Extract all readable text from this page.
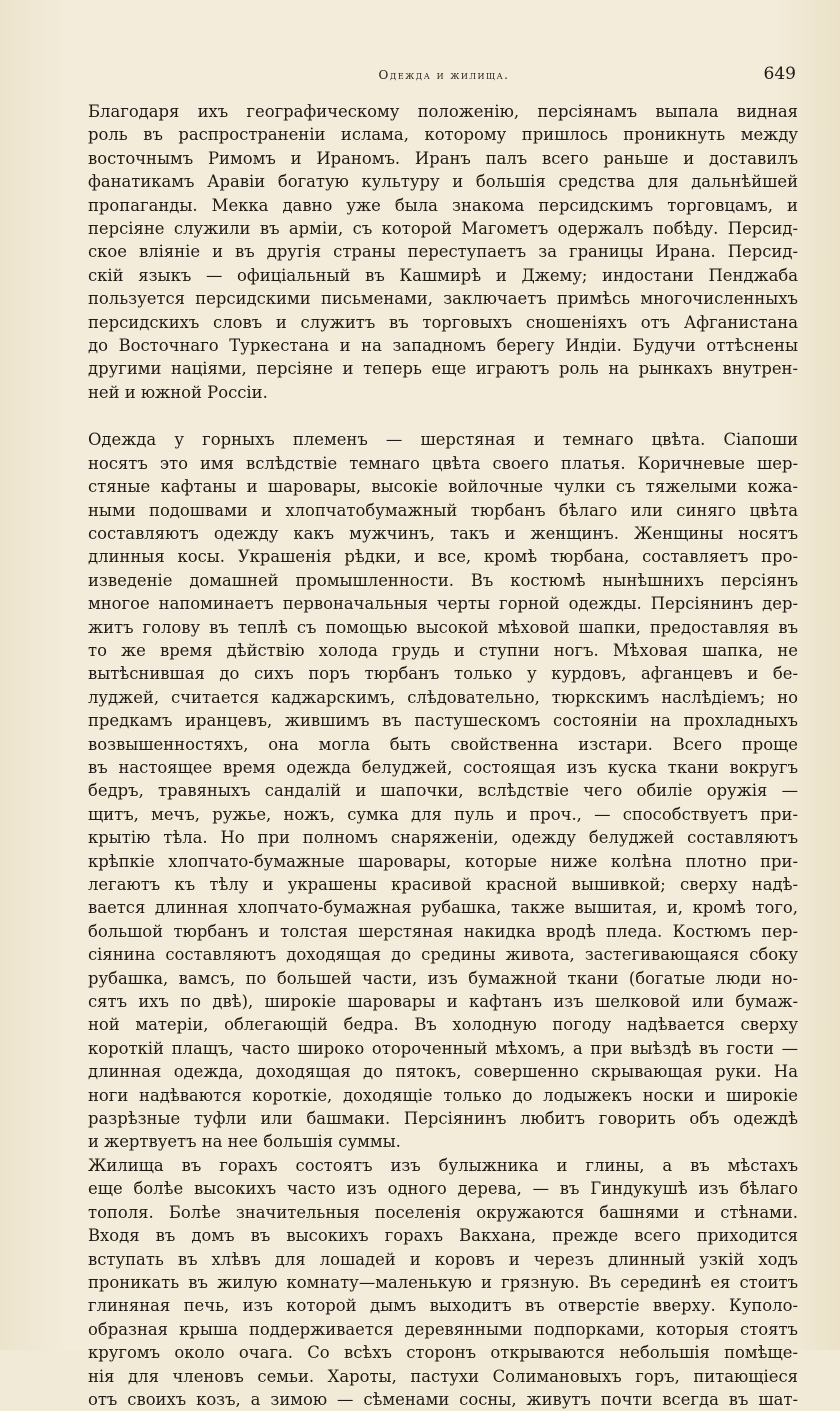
Одежда и жилища.	649

Благодаря ихъ географическому положенію, персіянамъ выпала видная
роль въ распространеніи ислама, которому пришлось проникнуть между
восточнымъ Римомъ и Ираномъ. Иранъ палъ всего раньше и доставилъ
фанатикамъ Аравіи богатую культуру и большія средства для дальнѣйшей
пропаганды. Мекка давно уже была знакома персидскимъ торговцамъ, и
персіяне служили въ арміи, съ которой Магометъ одержалъ побѣду. Персид-
ское вліяніе и въ другія страны переступаетъ за границы Ирана. Персид-
скій языкъ — офиціальный въ Кашмирѣ и Джему; индостани Пенджаба
пользуется персидскими письменами, заключаетъ примѣсь многочисленныхъ
персидскихъ словъ и служитъ въ торговыхъ сношеніяхъ отъ Афганистана
до Восточнаго Туркестана и на западномъ берегу Индіи. Будучи оттѣснены
другими націями, персіяне и теперь еще играютъ роль на рынкахъ внутрен-
ней и южной Россіи.

Одежда у горныхъ племенъ — шерстяная и темнаго цвѣта. Сіапоши
носятъ это имя вслѣдствіе темнаго цвѣта своего платья. Коричневые шер-
стяные кафтаны и шаровары, высокіе войлочные чулки съ тяжелыми кожа-
ными подошвами и хлопчатобумажный тюрбанъ бѣлаго или синяго цвѣта
составляютъ одежду какъ мужчинъ, такъ и женщинъ. Женщины носятъ
длинныя косы. Украшенія рѣдки, и все, кромѣ тюрбана, составляетъ про-
изведеніе домашней промышленности. Въ костюмѣ нынѣшнихъ персіянъ
многое напоминаетъ первоначальныя черты горной одежды. Персіянинъ дер-
житъ голову въ теплѣ съ помощью высокой мѣховой шапки, предоставляя въ
то же время дѣйствію холода грудь и ступни ногъ. Мѣховая шапка, не
вытѣснившая до сихъ поръ тюрбанъ только у курдовъ, афганцевъ и бе-
луджей, считается каджарскимъ, слѣдовательно, тюркскимъ наслѣдіемъ; но
предкамъ иранцевъ, жившимъ въ пастушескомъ состояніи на прохладныхъ
возвышенностяхъ, она могла быть свойственна изстари. Всего проще
въ настоящее время одежда белуджей, состоящая изъ куска ткани вокругъ
бедръ, травяныхъ сандалій и шапочки, вслѣдствіе чего обиліе оружія —
щитъ, мечъ, ружье, ножъ, сумка для пуль и проч., — способствуетъ при-
крытію тѣла. Но при полномъ снаряженіи, одежду белуджей составляютъ
крѣпкіе хлопчато-бумажные шаровары, которые ниже колѣна плотно при-
легаютъ къ тѣлу и украшены красивой красной вышивкой; сверху надѣ-
вается длинная хлопчато-бумажная рубашка, также вышитая, и, кромѣ того,
большой тюрбанъ и толстая шерстяная накидка вродѣ пледа. Костюмъ пер-
сіянина составляютъ доходящая до средины живота, застегивающаяся сбоку
рубашка, вамсъ, по большей части, изъ бумажной ткани (богатые люди но-
сятъ ихъ по двѣ), широкіе шаровары и кафтанъ изъ шелковой или бумаж-
ной матеріи, облегающій бедра. Въ холодную погоду надѣвается сверху
короткій плащъ, часто широко отороченный мѣхомъ, а при выѣздѣ въ гости —
длинная одежда, доходящая до пятокъ, совершенно скрывающая руки. На
ноги надѣваются короткіе, доходящіе только до лодыжекъ носки и широкіе
разрѣзные туфли или башмаки. Персіянинъ любитъ говорить объ одеждѣ
и жертвуетъ на нее большія суммы.

Жилища въ горахъ состоятъ изъ булыжника и глины, а въ мѣстахъ
еще болѣе высокихъ часто изъ одного дерева, — въ Гиндукушѣ изъ бѣлаго
тополя. Болѣе значительныя поселенія окружаются башнями и стѣнами.
Входя въ домъ въ высокихъ горахъ Вакхана, прежде всего приходится
вступать въ хлѣвъ для лошадей и коровъ и черезъ длинный узкій ходъ
проникать въ жилую комнату—маленькую и грязную. Въ серединѣ ея стоитъ
глиняная печь, изъ которой дымъ выходитъ въ отверстіе вверху. Куполо-
образная крыша поддерживается деревянными подпорками, которыя стоятъ
кругомъ около очага. Со всѣхъ сторонъ открываются небольшія помѣще-
нія для членовъ семьи. Хароты, пастухи Солимановыхъ горъ, питающіеся
отъ своихъ козъ, а зимою — сѣменами сосны, живутъ почти всегда въ шат-
